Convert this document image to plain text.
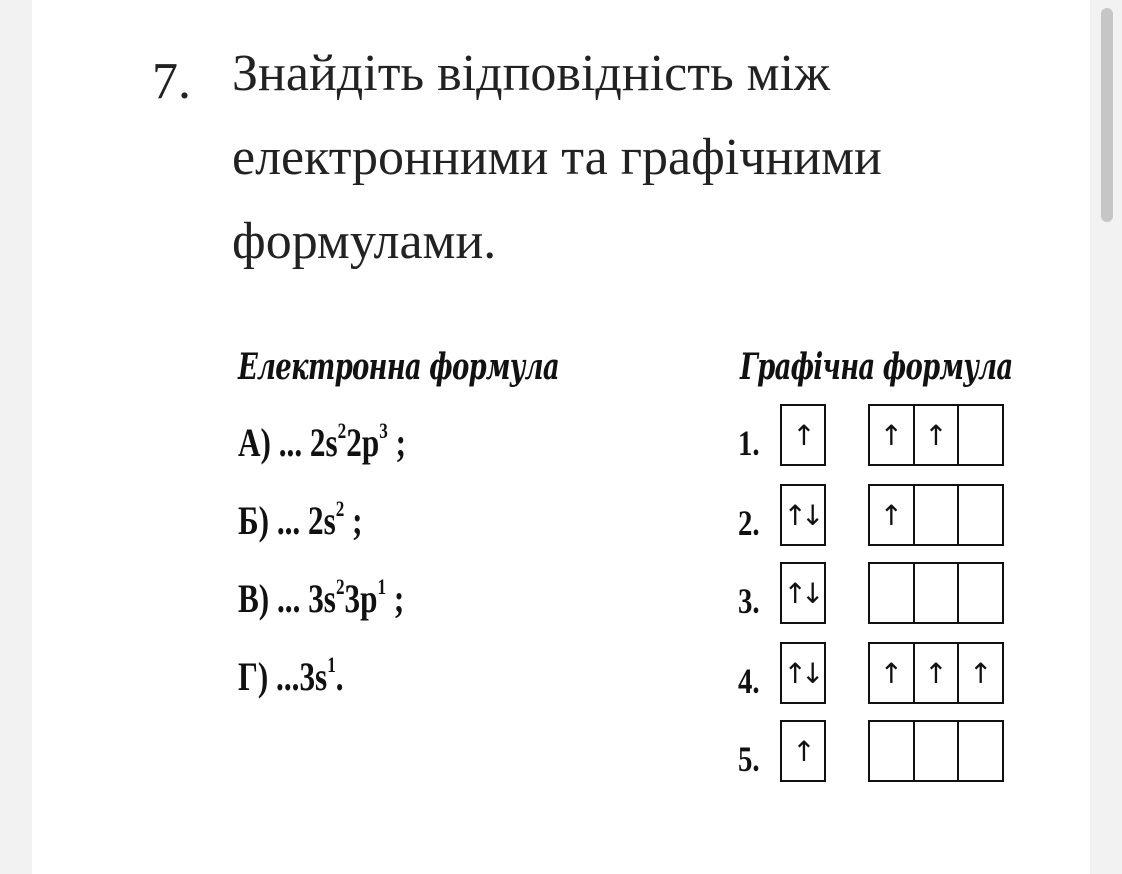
7. Знайдіть відповідність між
електронними та графічними
формулами.

Електронна формула	Графічна формула
А) ... $2s^22p^3$ ;
Б) ... $2s^2$ ;
В) ... $3s^23p^1$ ;
Г) $...3s^1$.
1.	↑	↑ ↑
2. ↑↓	↑
3. ↑↓
4. ↑↓	↑ ↑ ↑
5.	↑
